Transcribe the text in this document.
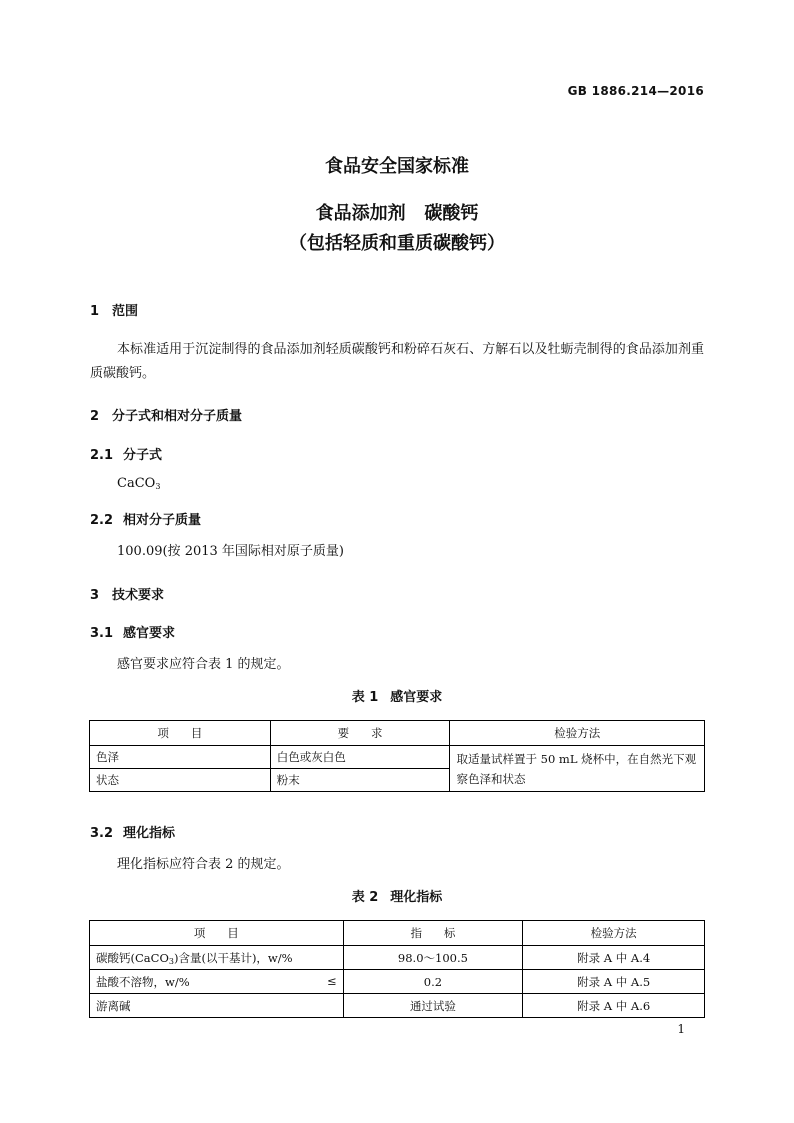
GB 1886.214—2016
食品安全国家标准
食品添加剂   碳酸钙
（包括轻质和重质碳酸钙）
1 范围
本标准适用于沉淀制得的食品添加剂轻质碳酸钙和粉碎石灰石、方解石以及牡蛎壳制得的食品添加剂重质碳酸钙。
2 分子式和相对分子质量
2.1 分子式
CaCO$_3$
2.2 相对分子质量
100.09(按 2013 年国际相对原子质量)
3 技术要求
3.1 感官要求
感官要求应符合表 1 的规定。
表 1 感官要求
项      目	要      求	检验方法
色泽	白色或灰白色	取适量试样置于 50 mL 烧杯中，在自然光下观察色泽和状态
状态	粉末	
3.2 理化指标
理化指标应符合表 2 的规定。
表 2 理化指标
项      目	指      标	检验方法
碳酸钙(CaCO$_3$)含量(以干基计)，w/%	98.0～100.5	附录 A 中 A.4
盐酸不溶物，w/% ≤	0.2	附录 A 中 A.5
游离碱	通过试验	附录 A 中 A.6
1
